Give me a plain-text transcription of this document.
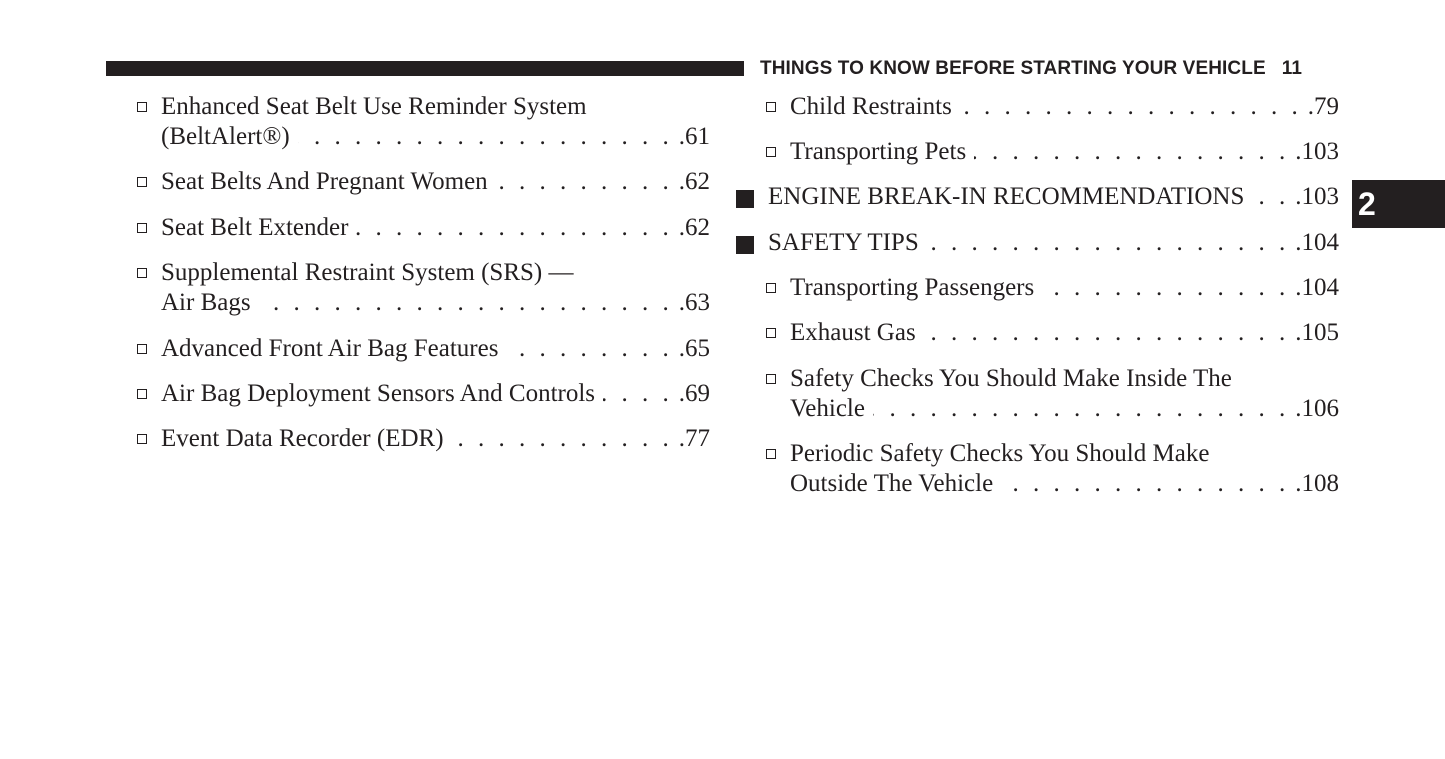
THINGS TO KNOW BEFORE STARTING YOUR VEHICLE 11
2
Enhanced Seat Belt Use Reminder System
(BeltAlert®) . . .	.61
Seat Belts And Pregnant Women . . .	.62
Seat Belt Extender . . .	.62
Supplemental Restraint System (SRS) —
Air Bags . . .	.63
Advanced Front Air Bag Features . . .	.65
Air Bag Deployment Sensors And Controls . . .	.69
Event Data Recorder (EDR) . . .	.77
Child Restraints . . .	.79
Transporting Pets . . .	.103
ENGINE BREAK-IN RECOMMENDATIONS . . . .103
SAFETY TIPS . . .	.104
Transporting Passengers . . .	.104
Exhaust Gas . . .	.105
Safety Checks You Should Make Inside The
Vehicle . . .	.106
Periodic Safety Checks You Should Make
Outside The Vehicle . . .	.108
